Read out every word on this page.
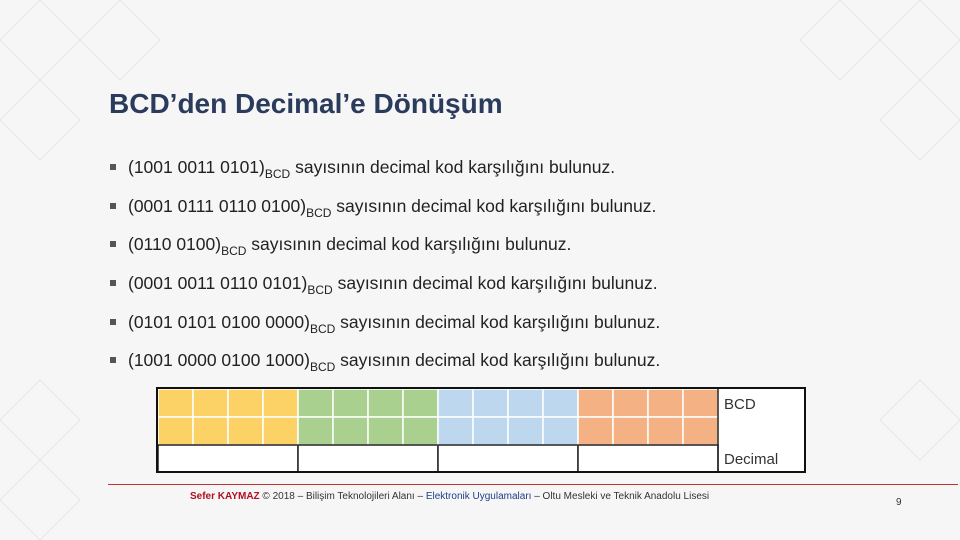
BCD’den Decimal’e Dönüşüm
(1001 0011 $0101)_{BCD}$ sayısının decimal kod karşılığını bulunuz.
(0001 0111 0110 $0100)_{BCD}$ sayısının decimal kod karşılığını bulunuz.
(0110 $0100)_{BCD}$ sayısının decimal kod karşılığını bulunuz.
(0001 0011 0110 $0101)_{BCD}$ sayısının decimal kod karşılığını bulunuz.
(0101 0101 0100 $0000)_{BCD}$ sayısının decimal kod karşılığını bulunuz.
(1001 0000 0100 $1000)_{BCD}$ sayısının decimal kod karşılığını bulunuz.
BCD
Decimal
Sefer KAYMAZ © 2018 – Bilişim Teknolojileri Alanı – Elektronik Uygulamaları – Oltu Mesleki ve Teknik Anadolu Lisesi
9
